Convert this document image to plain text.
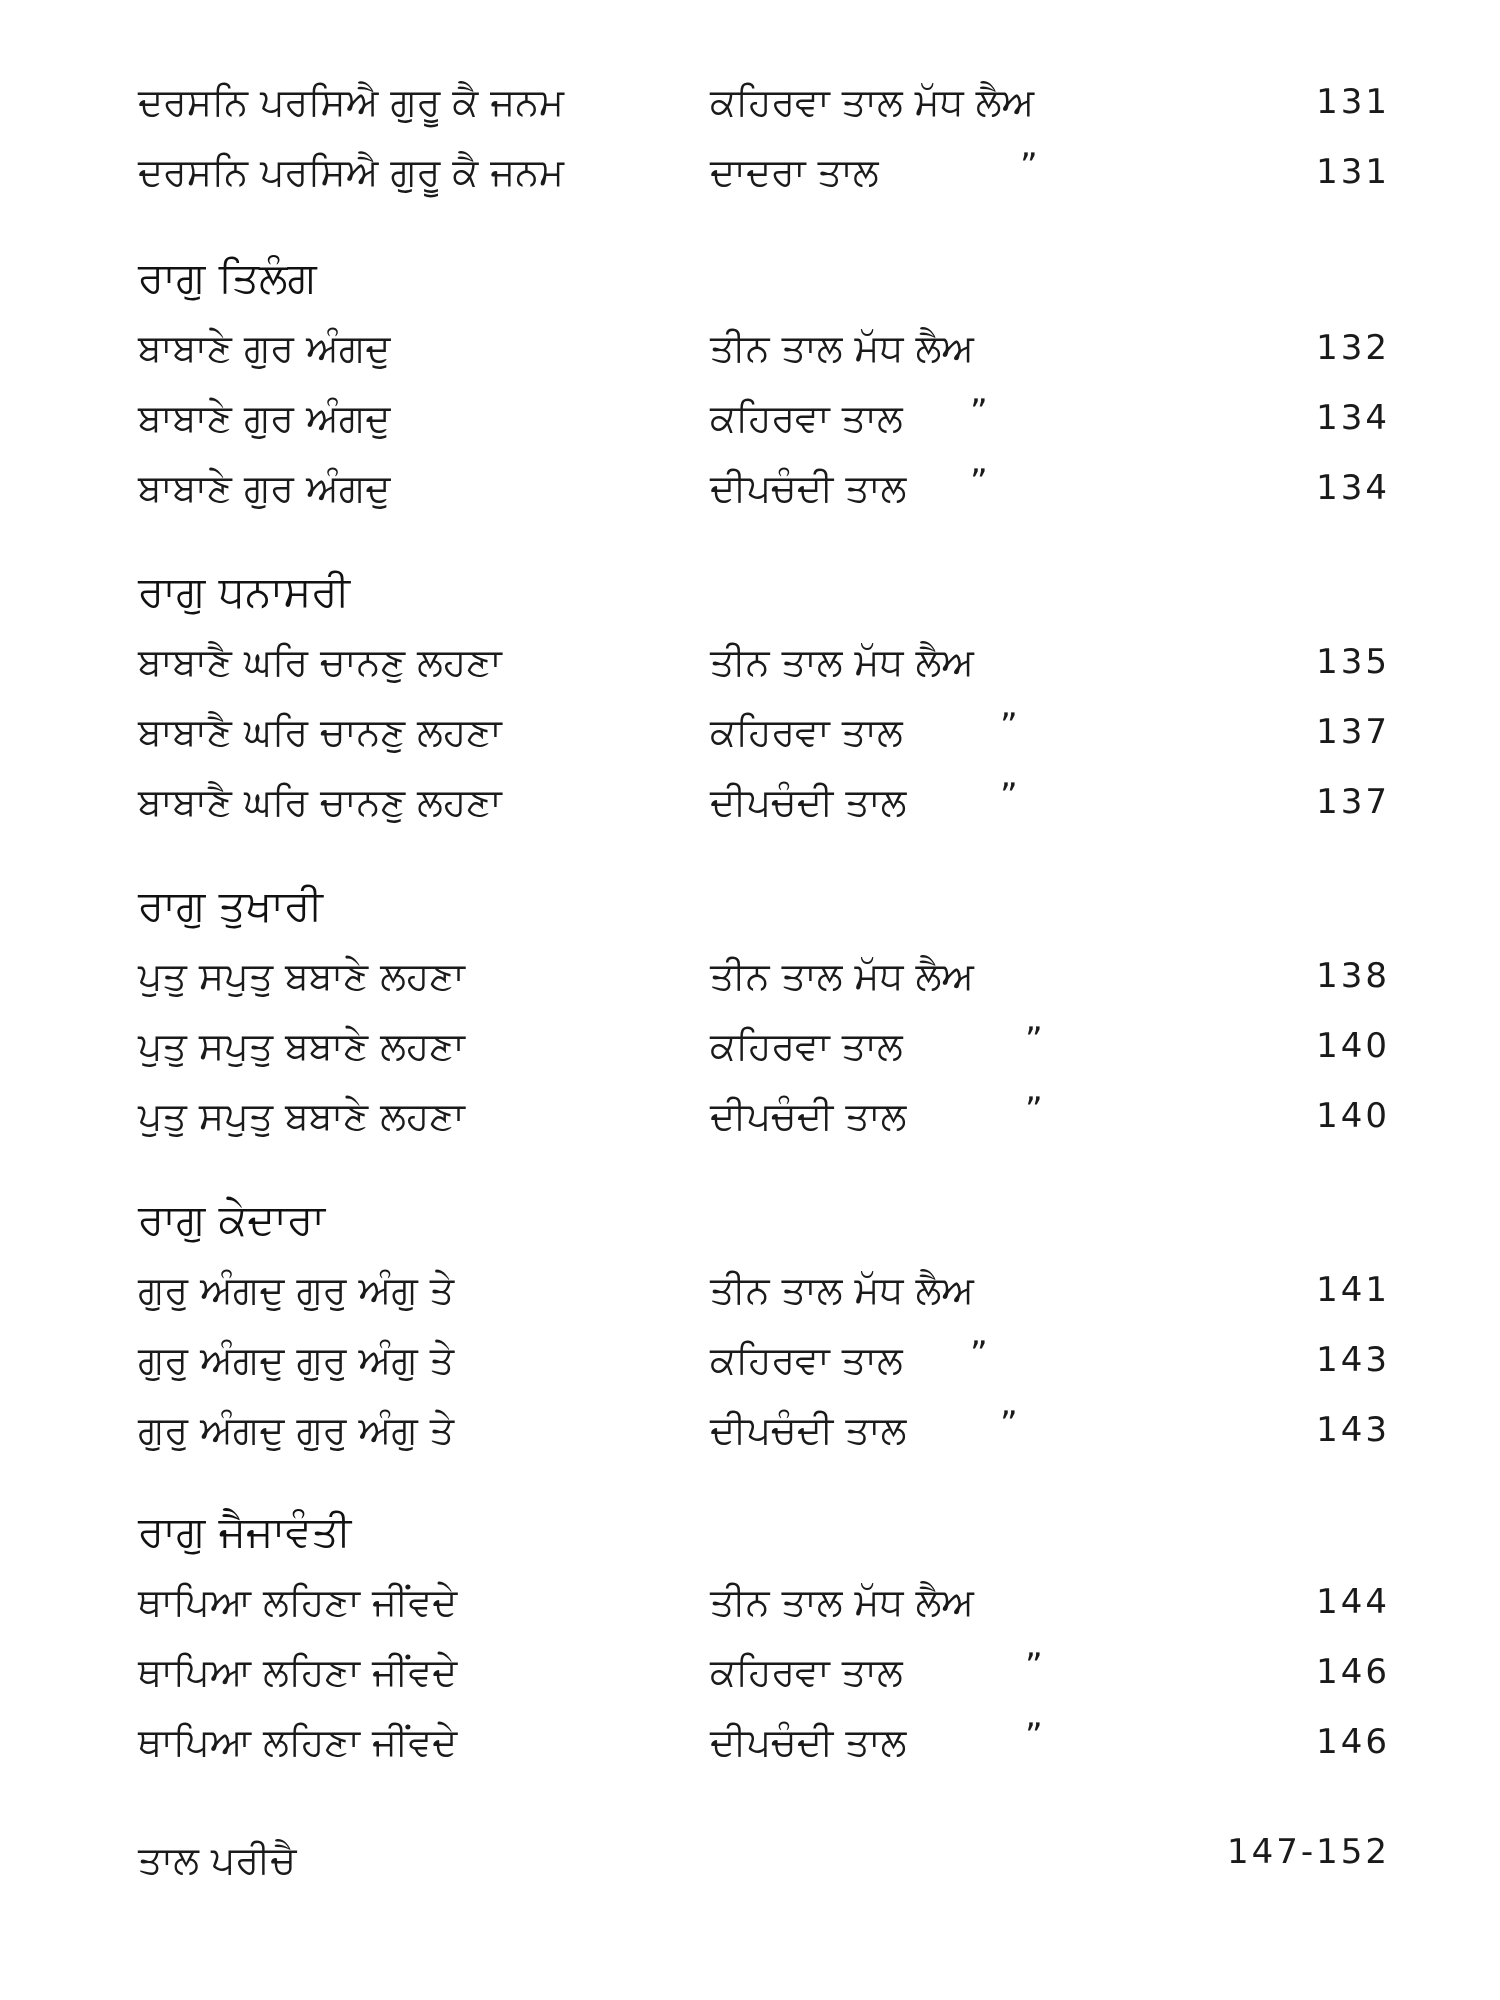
ਦਰਸਨਿ ਪਰਸਿਐ ਗੁਰੂ ਕੈ ਜਨਮ	ਕਹਿਰਵਾ ਤਾਲ ਮੱਧ ਲੈਅ	131
ਦਰਸਨਿ ਪਰਸਿਐ ਗੁਰੂ ਕੈ ਜਨਮ	ਦਾਦਰਾ ਤਾਲ	”	131
ਰਾਗੁ ਤਿਲੰਗ
ਬਾਬਾਣੇ ਗੁਰ ਅੰਗਦੁ	ਤੀਨ ਤਾਲ ਮੱਧ ਲੈਅ	132
ਬਾਬਾਣੇ ਗੁਰ ਅੰਗਦੁ	ਕਹਿਰਵਾ ਤਾਲ ”	134
ਬਾਬਾਣੇ ਗੁਰ ਅੰਗਦੁ	ਦੀਪਚੰਦੀ ਤਾਲ ”	134
ਰਾਗੁ ਧਨਾਸਰੀ
ਬਾਬਾਣੈ ਘਰਿ ਚਾਨਣੁ ਲਹਣਾ	ਤੀਨ ਤਾਲ ਮੱਧ ਲੈਅ	135
ਬਾਬਾਣੈ ਘਰਿ ਚਾਨਣੁ ਲਹਣਾ	ਕਹਿਰਵਾ ਤਾਲ	”	137
ਬਾਬਾਣੈ ਘਰਿ ਚਾਨਣੁ ਲਹਣਾ	ਦੀਪਚੰਦੀ ਤਾਲ	”	137
ਰਾਗੁ ਤੁਖਾਰੀ
ਪੁਤੁ ਸਪੁਤੁ ਬਬਾਣੇ ਲਹਣਾ	ਤੀਨ ਤਾਲ ਮੱਧ ਲੈਅ	138
ਪੁਤੁ ਸਪੁਤੁ ਬਬਾਣੇ ਲਹਣਾ	ਕਹਿਰਵਾ ਤਾਲ	”	140
ਪੁਤੁ ਸਪੁਤੁ ਬਬਾਣੇ ਲਹਣਾ	ਦੀਪਚੰਦੀ ਤਾਲ	”	140
ਰਾਗੁ ਕੇਦਾਰਾ
ਗੁਰੁ ਅੰਗਦੁ ਗੁਰੁ ਅੰਗੁ ਤੇ	ਤੀਨ ਤਾਲ ਮੱਧ ਲੈਅ	141
ਗੁਰੁ ਅੰਗਦੁ ਗੁਰੁ ਅੰਗੁ ਤੇ	ਕਹਿਰਵਾ ਤਾਲ ”	143
ਗੁਰੁ ਅੰਗਦੁ ਗੁਰੁ ਅੰਗੁ ਤੇ	ਦੀਪਚੰਦੀ ਤਾਲ	”	143
ਰਾਗੁ ਜੈਜਾਵੰਤੀ
ਥਾਪਿਆ ਲਹਿਣਾ ਜੀਂਵਦੇ	ਤੀਨ ਤਾਲ ਮੱਧ ਲੈਅ	144
ਥਾਪਿਆ ਲਹਿਣਾ ਜੀਂਵਦੇ	ਕਹਿਰਵਾ ਤਾਲ	”	146
ਥਾਪਿਆ ਲਹਿਣਾ ਜੀਂਵਦੇ	ਦੀਪਚੰਦੀ ਤਾਲ	”	146
ਤਾਲ ਪਰੀਚੈ	147-152
